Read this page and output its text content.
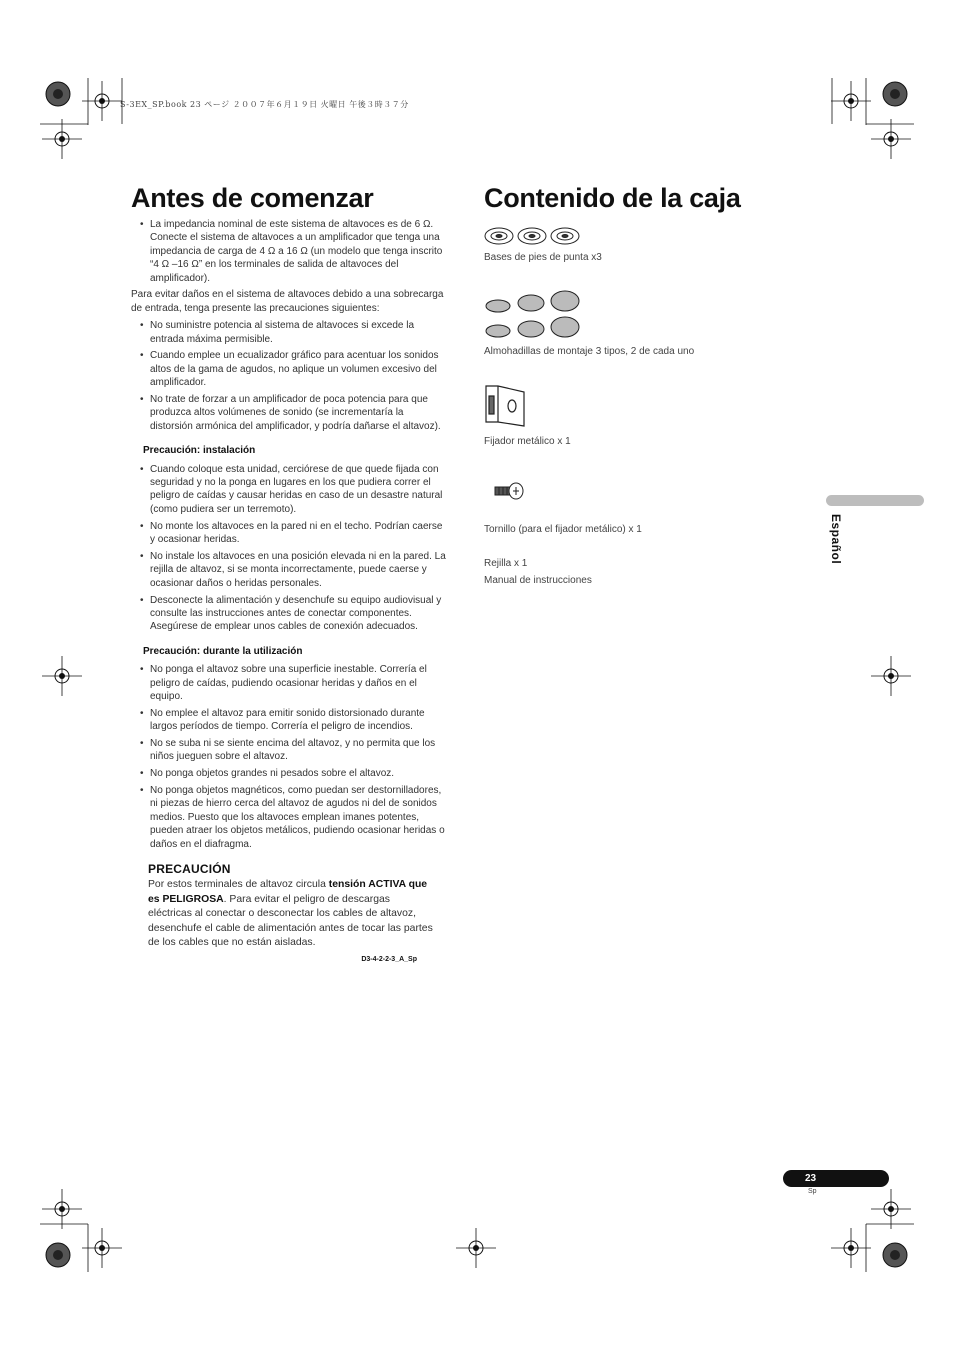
S-3EX_SP.book 23 ページ ２００７年６月１９日 火曜日 午後３時３７分
Antes de comenzar
• La impedancia nominal de este sistema de altavoces es de 6 Ω. Conecte el sistema de altavoces a un amplificador que tenga una impedancia de carga de 4 Ω a 16 Ω (un modelo que tenga inscrito “4 Ω –16 Ω” en los terminales de salida de altavoces del amplificador).
Para evitar daños en el sistema de altavoces debido a una sobrecarga de entrada, tenga presente las precauciones siguientes:
• No suministre potencia al sistema de altavoces si excede la entrada máxima permisible.
• Cuando emplee un ecualizador gráfico para acentuar los sonidos altos de la gama de agudos, no aplique un volumen excesivo del amplificador.
• No trate de forzar a un amplificador de poca potencia para que produzca altos volúmenes de sonido (se incrementaría la distorsión armónica del amplificador, y podría dañarse el altavoz).
Precaución: instalación
• Cuando coloque esta unidad, cerciórese de que quede fijada con seguridad y no la ponga en lugares en los que pudiera correr el peligro de caídas y causar heridas en caso de un desastre natural (como pudiera ser un terremoto).
• No monte los altavoces en la pared ni en el techo. Podrían caerse y ocasionar heridas.
• No instale los altavoces en una posición elevada ni en la pared. La rejilla de altavoz, si se monta incorrectamente, puede caerse y ocasionar daños o heridas personales.
• Desconecte la alimentación y desenchufe su equipo audiovisual y consulte las instrucciones antes de conectar componentes. Asegúrese de emplear unos cables de conexión adecuados.
Precaución: durante la utilización
• No ponga el altavoz sobre una superficie inestable. Correría el peligro de caídas, pudiendo ocasionar heridas y daños en el equipo.
• No emplee el altavoz para emitir sonido distorsionado durante largos períodos de tiempo. Correría el peligro de incendios.
• No se suba ni se siente encima del altavoz, y no permita que los niños jueguen sobre el altavoz.
• No ponga objetos grandes ni pesados sobre el altavoz.
• No ponga objetos magnéticos, como puedan ser destornilladores, ni piezas de hierro cerca del altavoz de agudos ni del de sonidos medios. Puesto que los altavoces emplean imanes potentes, pueden atraer los objetos metálicos, pudiendo ocasionar heridas o daños en el diafragma.
PRECAUCIÓN
Por estos terminales de altavoz circula tensión ACTIVA que es PELIGROSA. Para evitar el peligro de descargas eléctricas al conectar o desconectar los cables de altavoz, desenchufe el cable de alimentación antes de tocar las partes de los cables que no están aisladas.
D3-4-2-2-3_A_Sp
Contenido de la caja
Bases de pies de punta x3
Almohadillas de montaje 3 tipos, 2 de cada uno
Fijador metálico x 1
Tornillo (para el fijador metálico) x 1
Rejilla x 1
Manual de instrucciones
Español
23
Sp
